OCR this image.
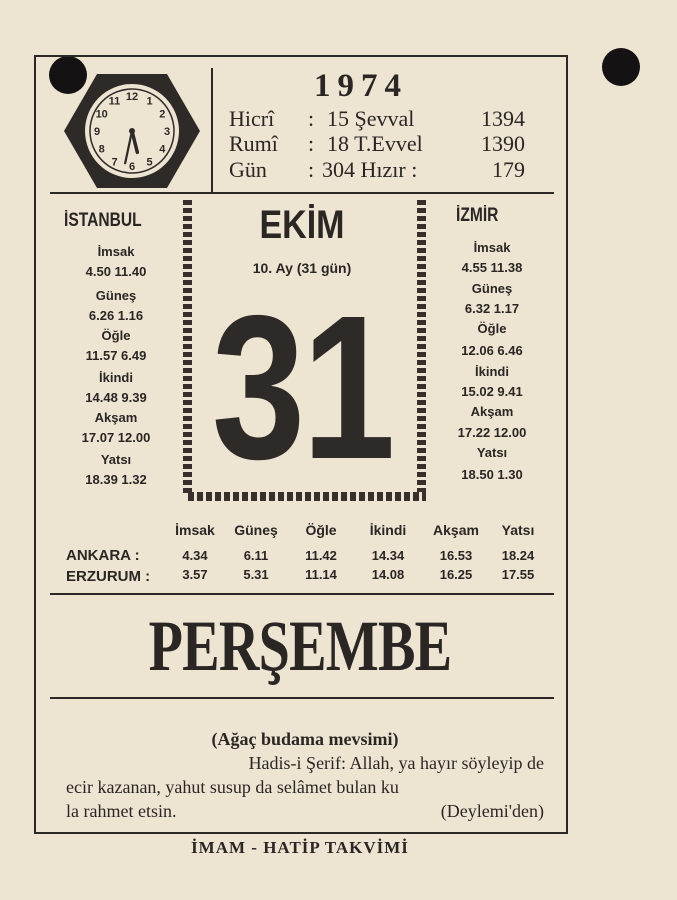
12 1
2
3
4
5
6
7
8
9
10
11	1974
Hicrî : 15 Şevval	1394
Rumî : 18 T.Evvel	1390
Gün : 304 Hızır :	179
İSTANBUL
İmsak
4.50 11.40
Güneş
6.26 1.16
Öğle
11.57 6.49
İkindi
14.48 9.39
Akşam
17.07 12.00
Yatsı
18.39 1.32
EKİM
10. Ay (31 gün)
31
İZMİR
İmsak
4.55 11.38
Güneş
6.32 1.17
Öğle
12.06 6.46
İkindi
15.02 9.41
Akşam
17.22 12.00
Yatsı
18.50 1.30
İmsak	Güneş	Öğle	İkindi	Akşam	Yatsı
ANKARA :	4.34	6.11	11.42	14.34	16.53	18.24
ERZURUM :	3.57	5.31	11.14	14.08	16.25	17.55
PERŞEMBE
(Ağaç budama mevsimi)
Hadis-i Şerif: Allah, ya hayır söyleyip de
ecir kazanan, yahut susup da selâmet bulan ku
la rahmet etsin.	(Deylemi'den)
İMAM - HATİP TAKVİMİ
